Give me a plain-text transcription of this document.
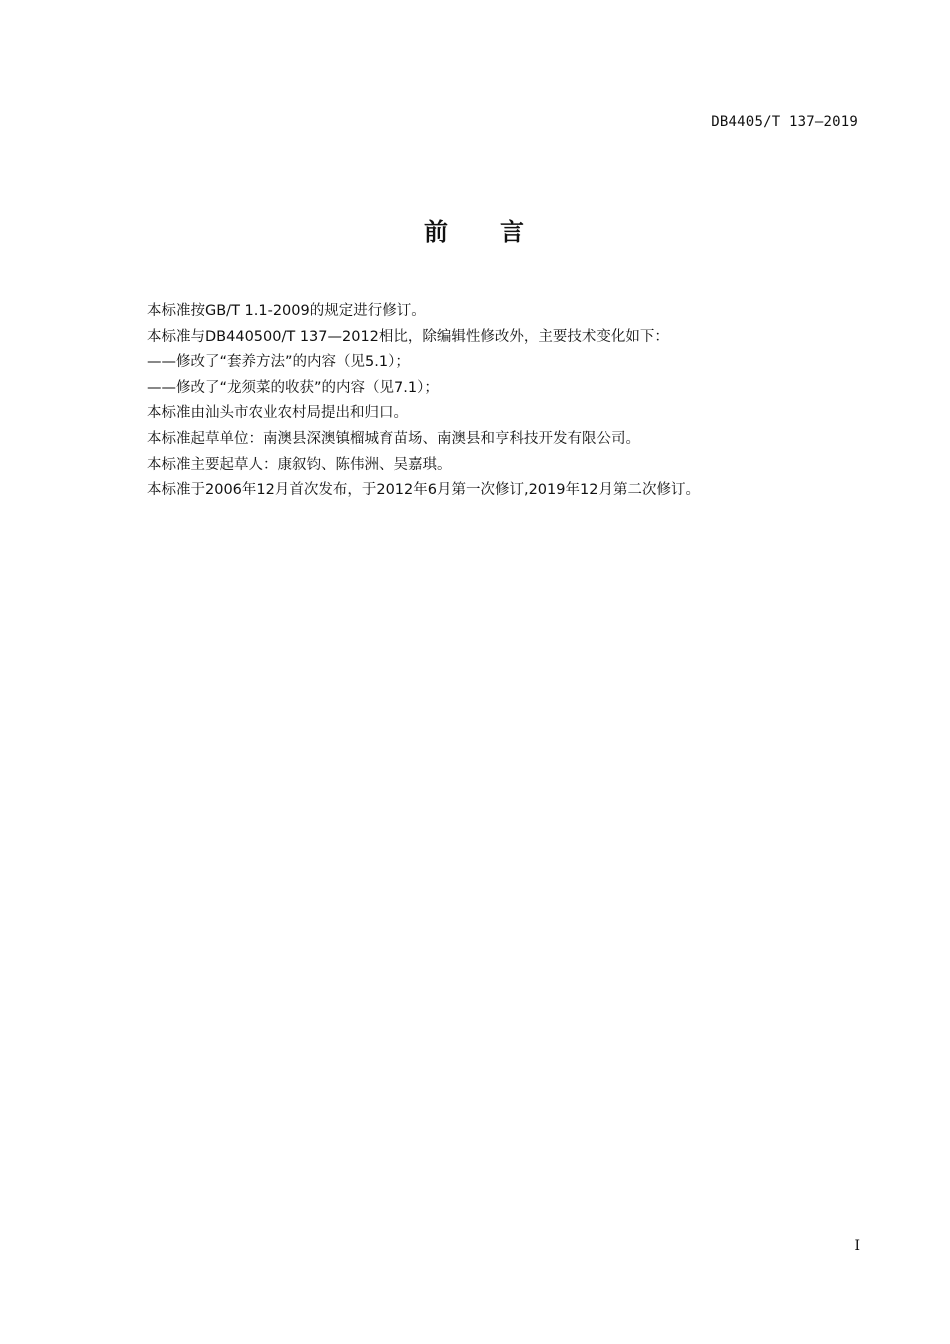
DB4405/T 137—2019
前 言
本标准按GB/T 1.1-2009的规定进行修订。
本标准与DB440500/T 137—2012相比，除编辑性修改外，主要技术变化如下：
——修改了“套养方法”的内容（见5.1）；
——修改了“龙须菜的收获”的内容（见7.1）；
本标准由汕头市农业农村局提出和归口。
本标准起草单位：南澳县深澳镇榴城育苗场、南澳县和亨科技开发有限公司。
本标准主要起草人：康叙钧、陈伟洲、吴嘉琪。
本标准于2006年12月首次发布，于2012年6月第一次修订,2019年12月第二次修订。
I
